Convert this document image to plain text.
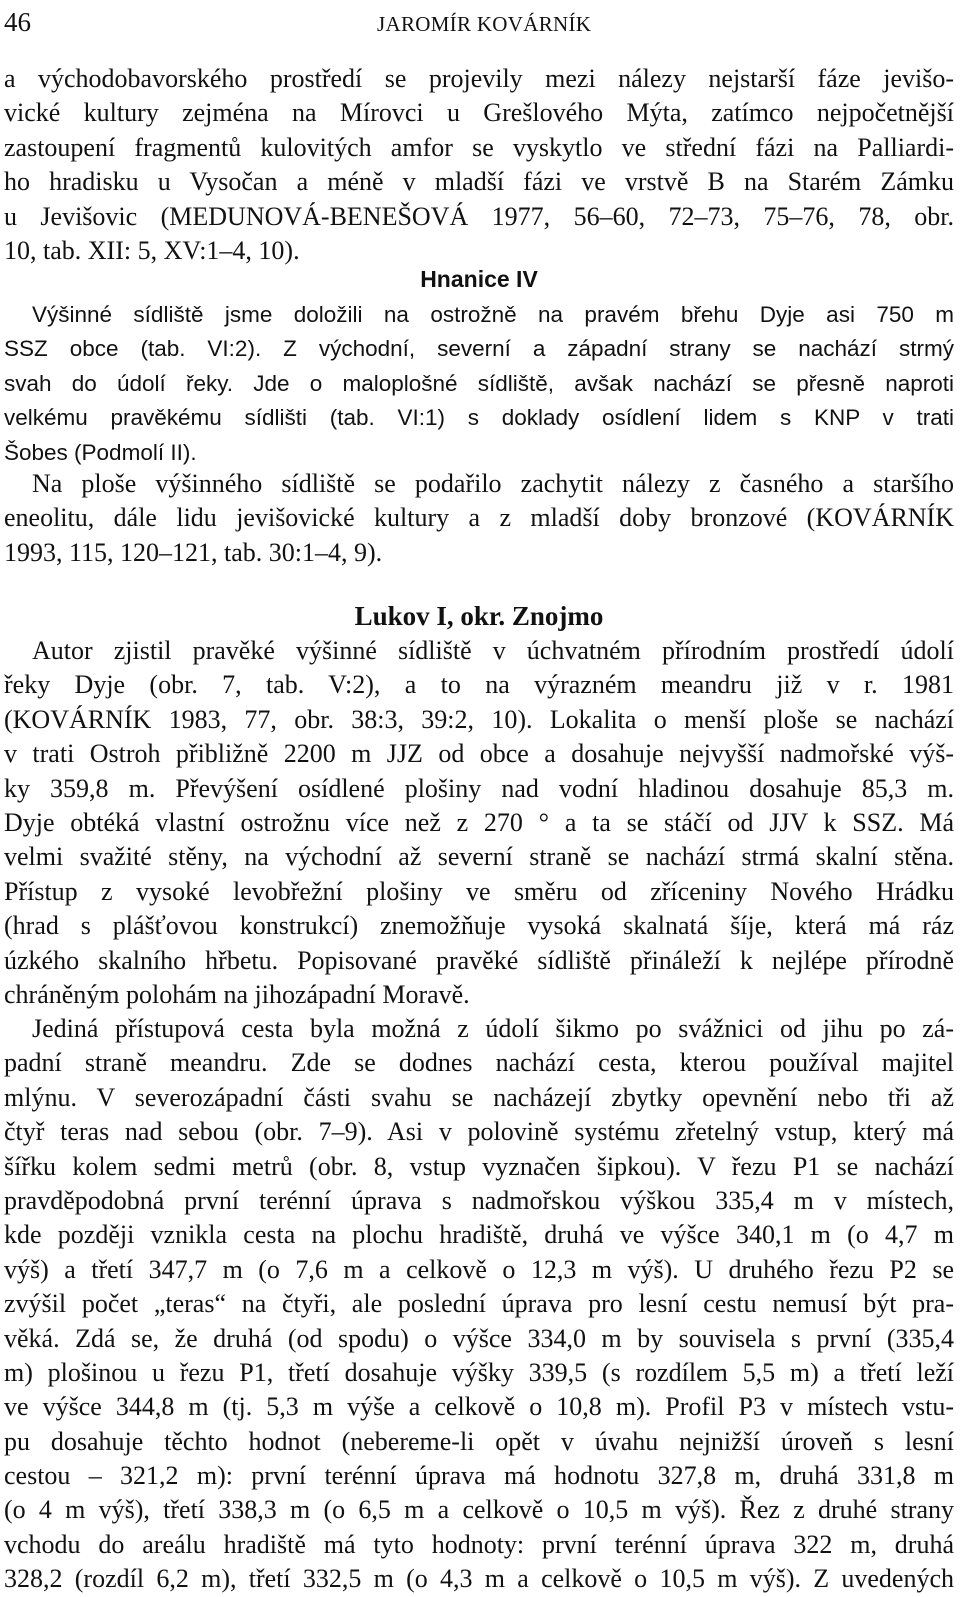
46	JAROMÍR KOVÁRNÍK
a východobavorského prostředí se projevily mezi nálezy nejstarší fáze jevišo-
vické kultury zejména na Mírovci u Grešlového Mýta, zatímco nejpočetnější
zastoupení fragmentů kulovitých amfor se vyskytlo ve střední fázi na Palliardi-
ho hradisku u Vysočan a méně v mladší fázi ve vrstvě B na Starém Zámku
u Jevišovic (MEDUNOVÁ-BENEŠOVÁ 1977, 56–60, 72–73, 75–76, 78, obr.
10, tab. XII: 5, XV:1–4, 10).
Hnanice IV
Výšinné sídliště jsme doložili na ostrožně na pravém břehu Dyje asi 750 m
SSZ obce (tab. VI:2). Z východní, severní a západní strany se nachází strmý
svah do údolí řeky. Jde o maloplošné sídliště, avšak nachází se přesně naproti
velkému pravěkému sídlišti (tab. VI:1) s doklady osídlení lidem s KNP v trati
Šobes (Podmolí II).
Na ploše výšinného sídliště se podařilo zachytit nálezy z časného a staršího
eneolitu, dále lidu jevišovické kultury a z mladší doby bronzové (KOVÁRNÍK
1993, 115, 120–121, tab. 30:1–4, 9).
Lukov I, okr. Znojmo
Autor zjistil pravěké výšinné sídliště v úchvatném přírodním prostředí údolí
řeky Dyje (obr. 7, tab. V:2), a to na výrazném meandru již v r. 1981
(KOVÁRNÍK 1983, 77, obr. 38:3, 39:2, 10). Lokalita o menší ploše se nachází
v trati Ostroh přibližně 2200 m JJZ od obce a dosahuje nejvyšší nadmořské výš-
ky 359,8 m. Převýšení osídlené plošiny nad vodní hladinou dosahuje 85,3 m.
Dyje obtéká vlastní ostrožnu více než z 270 ° a ta se stáčí od JJV k SSZ. Má
velmi svažité stěny, na východní až severní straně se nachází strmá skalní stěna.
Přístup z vysoké levobřežní plošiny ve směru od zříceniny Nového Hrádku
(hrad s plášťovou konstrukcí) znemožňuje vysoká skalnatá šíje, která má ráz
úzkého skalního hřbetu. Popisované pravěké sídliště přináleží k nejlépe přírodně
chráněným polohám na jihozápadní Moravě.
Jediná přístupová cesta byla možná z údolí šikmo po svážnici od jihu po zá-
padní straně meandru. Zde se dodnes nachází cesta, kterou používal majitel
mlýnu. V severozápadní části svahu se nacházejí zbytky opevnění nebo tři až
čtyř teras nad sebou (obr. 7–9). Asi v polovině systému zřetelný vstup, který má
šířku kolem sedmi metrů (obr. 8, vstup vyznačen šipkou). V řezu P1 se nachází
pravděpodobná první terénní úprava s nadmořskou výškou 335,4 m v místech,
kde později vznikla cesta na plochu hradiště, druhá ve výšce 340,1 m (o 4,7 m
výš) a třetí 347,7 m (o 7,6 m a celkově o 12,3 m výš). U druhého řezu P2 se
zvýšil počet „teras“ na čtyři, ale poslední úprava pro lesní cestu nemusí být pra-
věká. Zdá se, že druhá (od spodu) o výšce 334,0 m by souvisela s první (335,4
m) plošinou u řezu P1, třetí dosahuje výšky 339,5 (s rozdílem 5,5 m) a třetí leží
ve výšce 344,8 m (tj. 5,3 m výše a celkově o 10,8 m). Profil P3 v místech vstu-
pu dosahuje těchto hodnot (nebereme-li opět v úvahu nejnižší úroveň s lesní
cestou – 321,2 m): první terénní úprava má hodnotu 327,8 m, druhá 331,8 m
(o 4 m výš), třetí 338,3 m (o 6,5 m a celkově o 10,5 m výš). Řez z druhé strany
vchodu do areálu hradiště má tyto hodnoty: první terénní úprava 322 m, druhá
328,2 (rozdíl 6,2 m), třetí 332,5 m (o 4,3 m a celkově o 10,5 m výš). Z uvedených
